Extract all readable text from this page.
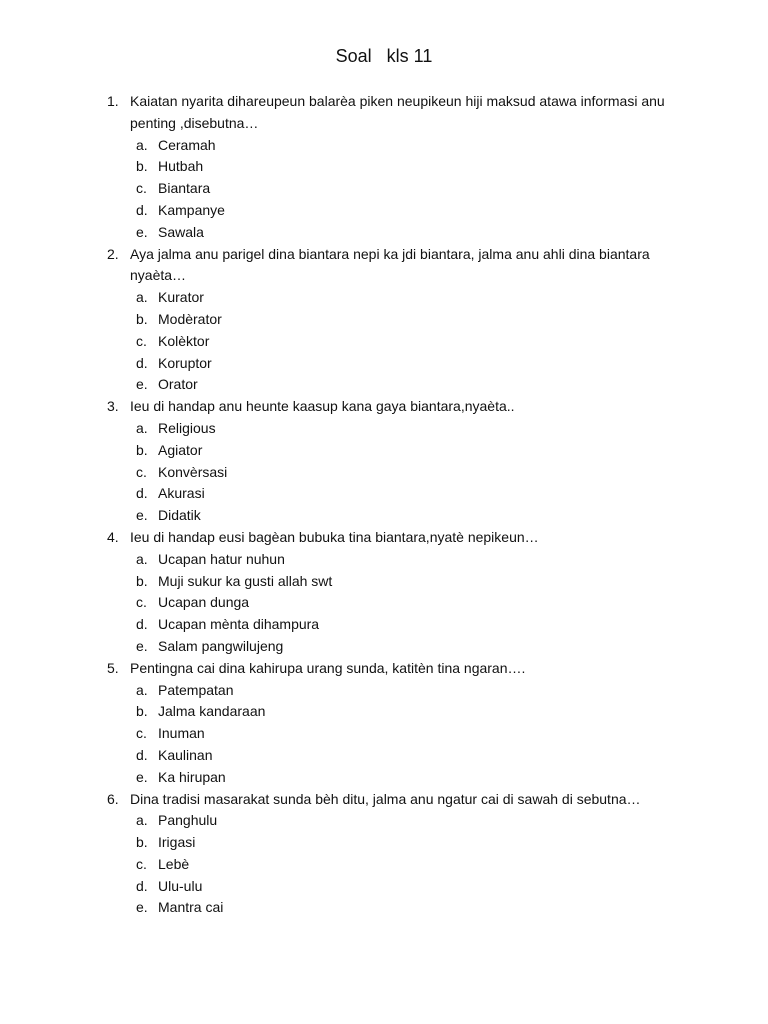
Soal   kls 11
1. Kaiatan nyarita dihareupeun balarèa piken neupikeun hiji maksud atawa informasi anu penting ,disebutna…
a. Ceramah
b. Hutbah
c. Biantara
d. Kampanye
e. Sawala
2. Aya jalma anu parigel dina biantara nepi ka jdi biantara, jalma anu ahli dina biantara nyaèta…
a. Kurator
b. Modèrator
c. Kolèktor
d. Koruptor
e. Orator
3. Ieu di handap anu heunte kaasup kana gaya biantara,nyaèta..
a. Religious
b. Agiator
c. Konvèrsasi
d. Akurasi
e. Didatik
4. Ieu di handap eusi bagèan bubuka tina biantara,nyatè nepikeun…
a. Ucapan hatur nuhun
b. Muji sukur ka gusti allah swt
c. Ucapan dunga
d. Ucapan mènta dihampura
e. Salam pangwilujeng
5. Pentingna cai dina kahirupa urang sunda, katitèn tina ngaran….
a. Patempatan
b. Jalma kandaraan
c. Inuman
d. Kaulinan
e. Ka hirupan
6. Dina tradisi masarakat sunda bèh ditu, jalma anu ngatur cai di sawah di sebutna…
a. Panghulu
b. Irigasi
c. Lebè
d. Ulu-ulu
e. Mantra cai
